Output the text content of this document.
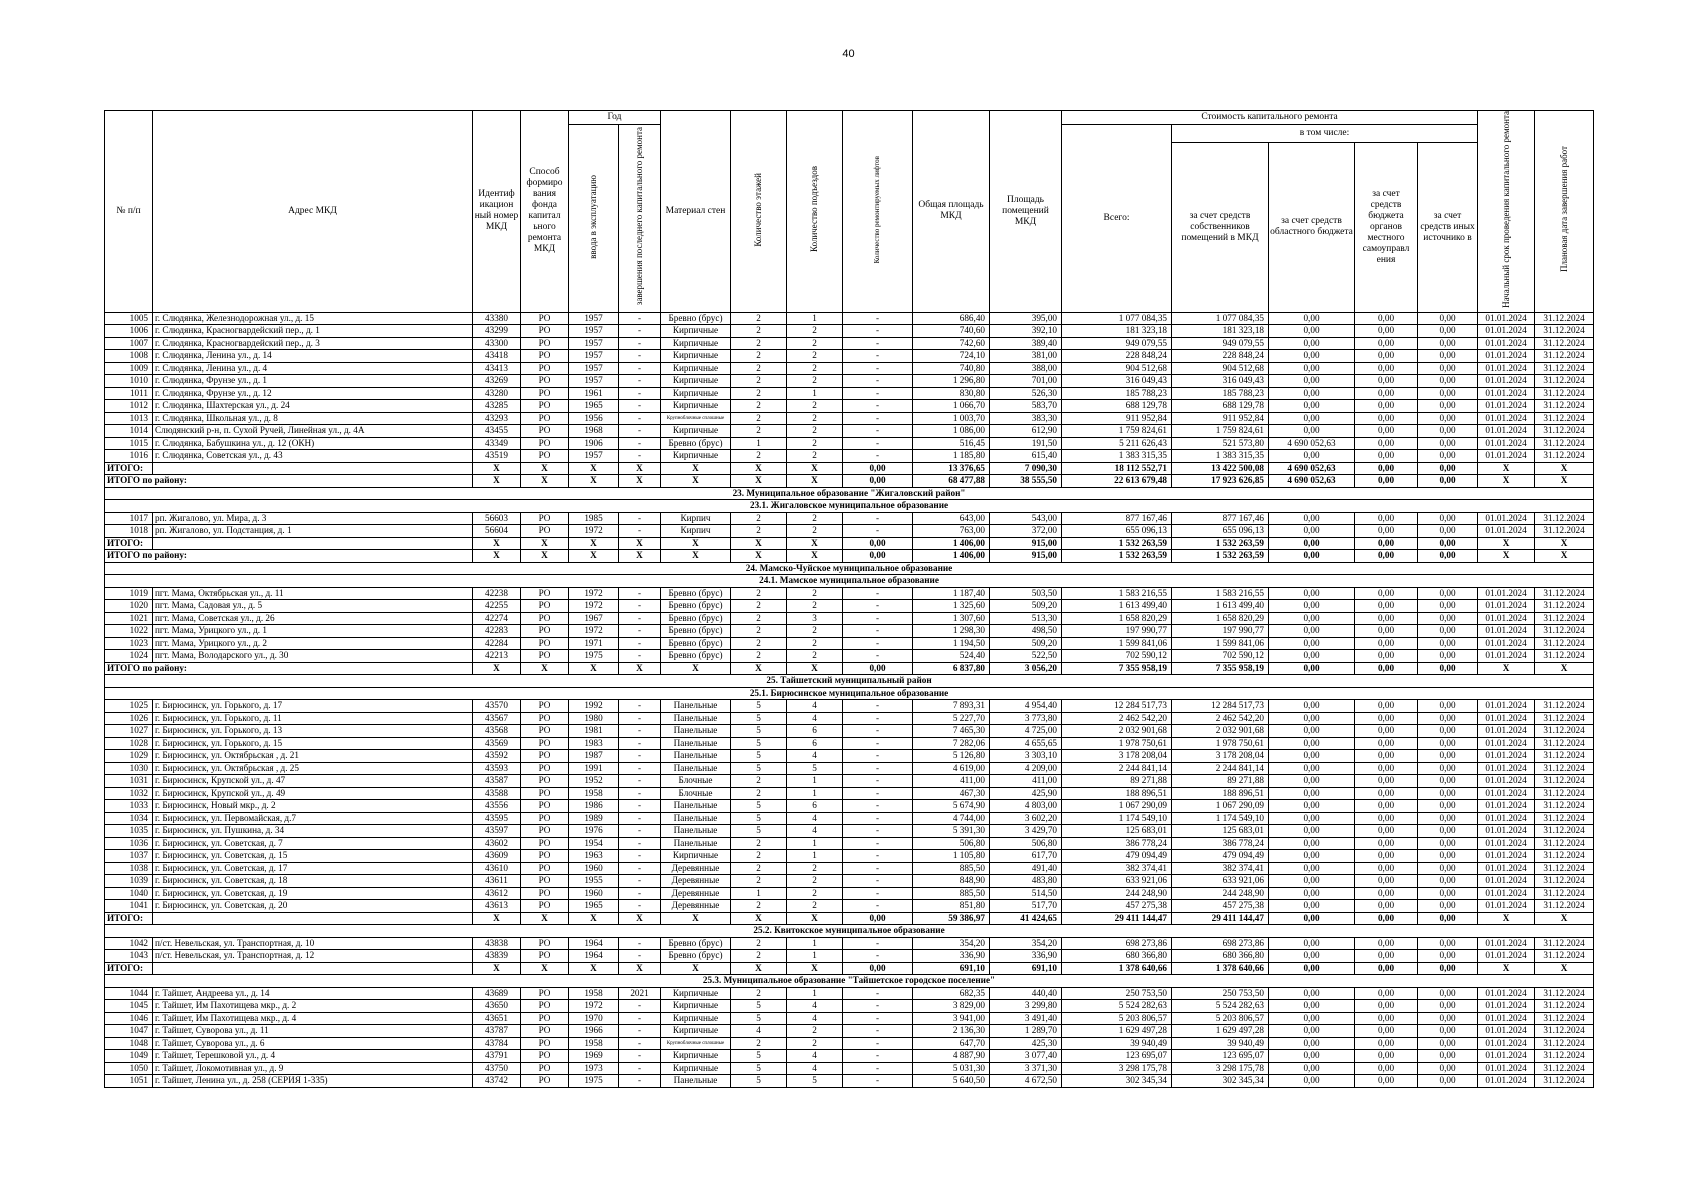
40
№ п/п	Адрес МКД	Идентиф икацион ный номер МКД	Способ формиро вания фонда капитал ьного ремонта МКД	Год		Материал стен	Количество этажей	Количество подъездов	Количество ремонтируемых лифтов	Общая площадь МКД	Площадь помещений МКД	Стоимость капитального ремонта					Начальный срок проведения капитального ремонта	Плановая дата завершения работ
				ввода в эксплуатацию	завершения последнего капитального ремонта							Всего:	в том числе:					
													за счет средств собственников помещений в МКД	за счет средств областного бюджета	за счет средств бюджета органов местного самоуправл ения	за счет средств иных источнико в		
1005	г. Слюдянка, Железнодорожная ул., д. 15	43380	РО	1957	-	Бревно (брус)	2	1	-	686,40	395,00	1 077 084,35	1 077 084,35	0,00	0,00	0,00	01.01.2024	31.12.2024
1006	г. Слюдянка, Красногвардейский пер., д. 1	43299	РО	1957	-	Кирпичные	2	2	-	740,60	392,10	181 323,18	181 323,18	0,00	0,00	0,00	01.01.2024	31.12.2024
1007	г. Слюдянка, Красногвардейский пер., д. 3	43300	РО	1957	-	Кирпичные	2	2	-	742,60	389,40	949 079,55	949 079,55	0,00	0,00	0,00	01.01.2024	31.12.2024
1008	г. Слюдянка, Ленина ул., д. 14	43418	РО	1957	-	Кирпичные	2	2	-	724,10	381,00	228 848,24	228 848,24	0,00	0,00	0,00	01.01.2024	31.12.2024
1009	г. Слюдянка, Ленина ул., д. 4	43413	РО	1957	-	Кирпичные	2	2	-	740,80	388,00	904 512,68	904 512,68	0,00	0,00	0,00	01.01.2024	31.12.2024
1010	г. Слюдянка, Фрунзе ул., д. 1	43269	РО	1957	-	Кирпичные	2	2	-	1 296,80	701,00	316 049,43	316 049,43	0,00	0,00	0,00	01.01.2024	31.12.2024
1011	г. Слюдянка, Фрунзе ул., д. 12	43280	РО	1961	-	Кирпичные	2	1	-	830,80	526,30	185 788,23	185 788,23	0,00	0,00	0,00	01.01.2024	31.12.2024
1012	г. Слюдянка, Шахтерская ул., д. 24	43285	РО	1965	-	Кирпичные	2	2	-	1 066,70	583,70	688 129,78	688 129,78	0,00	0,00	0,00	01.01.2024	31.12.2024
1013	г. Слюдянка, Школьная ул., д. 8	43293	РО	1956	-	Крупноблочные сплошные	2	2	-	1 003,70	383,30	911 952,84	911 952,84	0,00	0,00	0,00	01.01.2024	31.12.2024
1014	Слюдянский р-н, п. Сухой Ручей, Линейная ул., д. 4А	43455	РО	1968	-	Кирпичные	2	2	-	1 086,00	612,90	1 759 824,61	1 759 824,61	0,00	0,00	0,00	01.01.2024	31.12.2024
1015	г. Слюдянка, Бабушкина ул., д. 12 (ОКН)	43349	РО	1906	-	Бревно (брус)	1	2	-	516,45	191,50	5 211 626,43	521 573,80	4 690 052,63	0,00	0,00	01.01.2024	31.12.2024
1016	г. Слюдянка, Советская ул., д. 43	43519	РО	1957	-	Кирпичные	2	2	-	1 185,80	615,40	1 383 315,35	1 383 315,35	0,00	0,00	0,00	01.01.2024	31.12.2024
ИТОГО:		X	X	X	X	X	X	X	0,00	13 376,65	7 090,30	18 112 552,71	13 422 500,08	4 690 052,63	0,00	0,00	X	X
ИТОГО по району:		X	X	X	X	X	X	X	0,00	68 477,88	38 555,50	22 613 679,48	17 923 626,85	4 690 052,63	0,00	0,00	X	X
23. Муниципальное образование "Жигаловский район"																		
23.1. Жигаловское муниципальное образование																		
1017	рп. Жигалово, ул. Мира, д. 3	56603	РО	1985	-	Кирпич	2	2	-	643,00	543,00	877 167,46	877 167,46	0,00	0,00	0,00	01.01.2024	31.12.2024
1018	рп. Жигалово, ул. Подстанция, д. 1	56604	РО	1972	-	Кирпич	2	2	-	763,00	372,00	655 096,13	655 096,13	0,00	0,00	0,00	01.01.2024	31.12.2024
ИТОГО:		X	X	X	X	X	X	X	0,00	1 406,00	915,00	1 532 263,59	1 532 263,59	0,00	0,00	0,00	X	X
ИТОГО по району:		X	X	X	X	X	X	X	0,00	1 406,00	915,00	1 532 263,59	1 532 263,59	0,00	0,00	0,00	X	X
24. Мамско-Чуйское муниципальное образование																		
24.1. Мамское муниципальное образование																		
1019	пгт. Мама, Октябрьская ул., д. 11	42238	РО	1972	-	Бревно (брус)	2	2	-	1 187,40	503,50	1 583 216,55	1 583 216,55	0,00	0,00	0,00	01.01.2024	31.12.2024
1020	пгт. Мама, Садовая ул., д. 5	42255	РО	1972	-	Бревно (брус)	2	2	-	1 325,60	509,20	1 613 499,40	1 613 499,40	0,00	0,00	0,00	01.01.2024	31.12.2024
1021	пгт. Мама, Советская ул., д. 26	42274	РО	1967	-	Бревно (брус)	2	3	-	1 307,60	513,30	1 658 820,29	1 658 820,29	0,00	0,00	0,00	01.01.2024	31.12.2024
1022	пгт. Мама, Урицкого ул., д. 1	42283	РО	1972	-	Бревно (брус)	2	2	-	1 298,30	498,50	197 990,77	197 990,77	0,00	0,00	0,00	01.01.2024	31.12.2024
1023	пгт. Мама, Урицкого ул., д. 2	42284	РО	1971	-	Бревно (брус)	2	2	-	1 194,50	509,20	1 599 841,06	1 599 841,06	0,00	0,00	0,00	01.01.2024	31.12.2024
1024	пгт. Мама, Володарского ул., д. 30	42213	РО	1975	-	Бревно (брус)	2	2	-	524,40	522,50	702 590,12	702 590,12	0,00	0,00	0,00	01.01.2024	31.12.2024
ИТОГО по району:		X	X	X	X	X	X	X	0,00	6 837,80	3 056,20	7 355 958,19	7 355 958,19	0,00	0,00	0,00	X	X
25. Тайшетский муниципальный район																		
25.1. Бирюсинское муниципальное образование																		
1025	г. Бирюсинск, ул. Горького, д. 17	43570	РО	1992	-	Панельные	5	4	-	7 893,31	4 954,40	12 284 517,73	12 284 517,73	0,00	0,00	0,00	01.01.2024	31.12.2024
1026	г. Бирюсинск, ул. Горького, д. 11	43567	РО	1980	-	Панельные	5	4	-	5 227,70	3 773,80	2 462 542,20	2 462 542,20	0,00	0,00	0,00	01.01.2024	31.12.2024
1027	г. Бирюсинск, ул. Горького, д. 13	43568	РО	1981	-	Панельные	5	6	-	7 465,30	4 725,00	2 032 901,68	2 032 901,68	0,00	0,00	0,00	01.01.2024	31.12.2024
1028	г. Бирюсинск, ул. Горького, д. 15	43569	РО	1983	-	Панельные	5	6	-	7 282,06	4 655,65	1 978 750,61	1 978 750,61	0,00	0,00	0,00	01.01.2024	31.12.2024
1029	г. Бирюсинск, ул. Октябрьская , д. 21	43592	РО	1987	-	Панельные	5	4	-	5 126,80	3 303,10	3 178 208,04	3 178 208,04	0,00	0,00	0,00	01.01.2024	31.12.2024
1030	г. Бирюсинск, ул. Октябрьская , д. 25	43593	РО	1991	-	Панельные	5	5	-	4 619,00	4 209,00	2 244 841,14	2 244 841,14	0,00	0,00	0,00	01.01.2024	31.12.2024
1031	г. Бирюсинск, Крупской ул., д. 47	43587	РО	1952	-	Блочные	2	1	-	411,00	411,00	89 271,88	89 271,88	0,00	0,00	0,00	01.01.2024	31.12.2024
1032	г. Бирюсинск, Крупской ул., д. 49	43588	РО	1958	-	Блочные	2	1	-	467,30	425,90	188 896,51	188 896,51	0,00	0,00	0,00	01.01.2024	31.12.2024
1033	г. Бирюсинск, Новый мкр., д. 2	43556	РО	1986	-	Панельные	5	6	-	5 674,90	4 803,00	1 067 290,09	1 067 290,09	0,00	0,00	0,00	01.01.2024	31.12.2024
1034	г. Бирюсинск, ул. Первомайская, д.7	43595	РО	1989	-	Панельные	5	4	-	4 744,00	3 602,20	1 174 549,10	1 174 549,10	0,00	0,00	0,00	01.01.2024	31.12.2024
1035	г. Бирюсинск, ул. Пушкина, д. 34	43597	РО	1976	-	Панельные	5	4	-	5 391,30	3 429,70	125 683,01	125 683,01	0,00	0,00	0,00	01.01.2024	31.12.2024
1036	г. Бирюсинск, ул. Советская, д. 7	43602	РО	1954	-	Панельные	2	1	-	506,80	506,80	386 778,24	386 778,24	0,00	0,00	0,00	01.01.2024	31.12.2024
1037	г. Бирюсинск, ул. Советская, д. 15	43609	РО	1963	-	Кирпичные	2	1	-	1 105,80	617,70	479 094,49	479 094,49	0,00	0,00	0,00	01.01.2024	31.12.2024
1038	г. Бирюсинск, ул. Советская, д. 17	43610	РО	1960	-	Деревянные	2	2	-	885,50	491,40	382 374,41	382 374,41	0,00	0,00	0,00	01.01.2024	31.12.2024
1039	г. Бирюсинск, ул. Советская, д. 18	43611	РО	1955	-	Деревянные	2	2	-	848,90	483,80	633 921,06	633 921,06	0,00	0,00	0,00	01.01.2024	31.12.2024
1040	г. Бирюсинск, ул. Советская, д. 19	43612	РО	1960	-	Деревянные	1	2	-	885,50	514,50	244 248,90	244 248,90	0,00	0,00	0,00	01.01.2024	31.12.2024
1041	г. Бирюсинск, ул. Советская, д. 20	43613	РО	1965	-	Деревянные	2	2	-	851,80	517,70	457 275,38	457 275,38	0,00	0,00	0,00	01.01.2024	31.12.2024
ИТОГО:		X	X	X	X	X	X	X	0,00	59 386,97	41 424,65	29 411 144,47	29 411 144,47	0,00	0,00	0,00	X	X
25.2. Квитокское муниципальное образование																		
1042	п/ст. Невельская, ул. Транспортная, д. 10	43838	РО	1964	-	Бревно (брус)	2	1	-	354,20	354,20	698 273,86	698 273,86	0,00	0,00	0,00	01.01.2024	31.12.2024
1043	п/ст. Невельская, ул. Транспортная, д. 12	43839	РО	1964	-	Бревно (брус)	2	1	-	336,90	336,90	680 366,80	680 366,80	0,00	0,00	0,00	01.01.2024	31.12.2024
ИТОГО:		X	X	X	X	X	X	X	0,00	691,10	691,10	1 378 640,66	1 378 640,66	0,00	0,00	0,00	X	X
25.3. Муниципальное образование "Тайшетское городское поселение"																		
1044	г. Тайшет, Андреева ул., д. 14	43689	РО	1958	2021	Кирпичные	2	1	-	682,35	440,40	250 753,50	250 753,50	0,00	0,00	0,00	01.01.2024	31.12.2024
1045	г. Тайшет, Им Пахотищева мкр., д. 2	43650	РО	1972	-	Кирпичные	5	4	-	3 829,00	3 299,80	5 524 282,63	5 524 282,63	0,00	0,00	0,00	01.01.2024	31.12.2024
1046	г. Тайшет, Им Пахотищева мкр., д. 4	43651	РО	1970	-	Кирпичные	5	4	-	3 941,00	3 491,40	5 203 806,57	5 203 806,57	0,00	0,00	0,00	01.01.2024	31.12.2024
1047	г. Тайшет, Суворова ул., д. 11	43787	РО	1966	-	Кирпичные	4	2	-	2 136,30	1 289,70	1 629 497,28	1 629 497,28	0,00	0,00	0,00	01.01.2024	31.12.2024
1048	г. Тайшет, Суворова ул., д. 6	43784	РО	1958	-	Крупноблочные сплошные	2	2	-	647,70	425,30	39 940,49	39 940,49	0,00	0,00	0,00	01.01.2024	31.12.2024
1049	г. Тайшет, Терешковой ул., д. 4	43791	РО	1969	-	Кирпичные	5	4	-	4 887,90	3 077,40	123 695,07	123 695,07	0,00	0,00	0,00	01.01.2024	31.12.2024
1050	г. Тайшет, Локомотивная ул., д. 9	43750	РО	1973	-	Кирпичные	5	4	-	5 031,30	3 371,30	3 298 175,78	3 298 175,78	0,00	0,00	0,00	01.01.2024	31.12.2024
1051	г. Тайшет, Ленина ул., д. 258 (СЕРИЯ 1-335)	43742	РО	1975	-	Панельные	5	5	-	5 640,50	4 672,50	302 345,34	302 345,34	0,00	0,00	0,00	01.01.2024	31.12.2024
